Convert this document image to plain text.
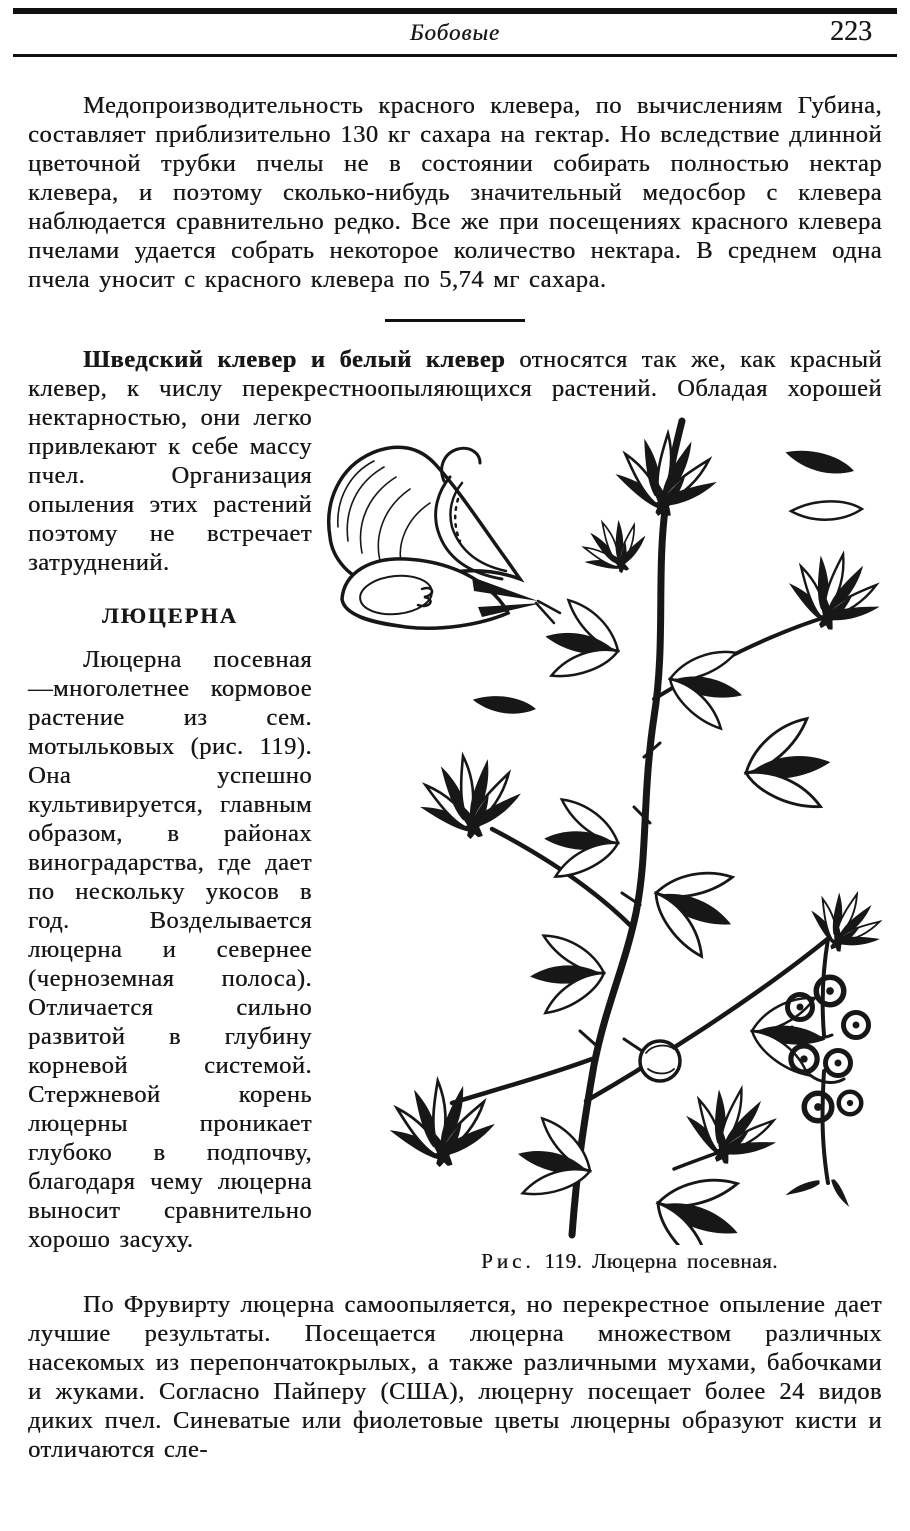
Бобовые	223

Медопроизводительность красного клевера, по вычислениям Губина, составляет приблизительно 130 кг сахара на гектар. Но вследствие длинной цветочной трубки пчелы не в состоянии собирать полностью нектар клевера, и поэтому сколько-нибудь значительный медосбор с клевера наблюдается сравнительно редко. Все же при посещениях красного клевера пчелами удается собрать некоторое количество нектара. В среднем одна пчела уносит с красного клевера по 5,74 мг сахара.

Шведский клевер и белый клевер относятся так же, как красный клевер, к числу перекрестноопыляющихся растений.
Рис. 119. Люцерна посевная.
Обладая хорошей нектарностью, они легко привлекают к себе массу пчел. Организация опыления этих растений поэтому не встречает затруднений.

ЛЮЦЕРНА

Люцерна посевная—многолетнее кормовое растение из сем. мотыльковых (рис. 119). Она успешно культивируется, главным образом, в районах виноградарства, где дает по нескольку укосов в год. Возделывается люцерна и севернее (черноземная полоса). Отличается сильно развитой в глубину корневой системой. Стержневой корень люцерны проникает глубоко в подпочву, благодаря чему люцерна выносит сравнительно хорошо засуху.

По Фрувирту люцерна самоопыляется, но перекрестное опыление дает лучшие результаты. Посещается люцерна множеством различных насекомых из перепончатокрылых, а также различными мухами, бабочками и жуками. Согласно Пайперу (США), люцерну посещает более 24 видов диких пчел. Синеватые или фиолетовые цветы люцерны образуют кисти и отличаются сле-
